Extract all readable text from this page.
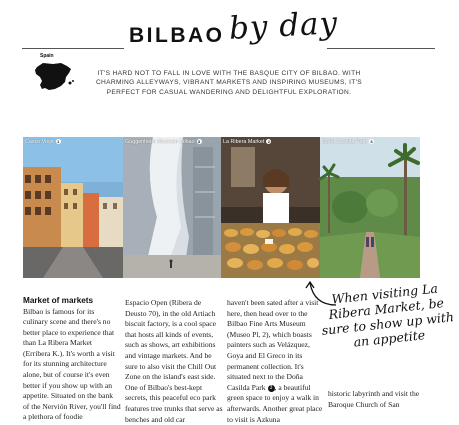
BILBAO by day
Spain

IT'S HARD NOT TO FALL IN LOVE WITH THE BASQUE CITY OF BILBAO. WITH CHARMING ALLEYWAYS, VIBRANT MARKETS AND INSPIRING MUSEUMS, IT'S PERFECT FOR CASUAL WANDERING AND DELIGHTFUL EXPLORATION.

Casco Viejo 1	Guggenheim Museum Bilbao 3	La Ribera Market 2	Doña Casilda Park 3
Market of markets

Bilbao is famous for its culinary scene and there's no better place to experience that than La Ribera Market (Erribera K.). It's worth a visit for its stunning architecture alone, but of course it's even better if you show up with an appetite. Situated on the bank of the Nervión River, you'll find a plethora of foodie

Espacio Open (Ribera de Deusto 70), in the old Artiach biscuit factory, is a cool space that hosts all kinds of events, such as shows, art exhibitions and vintage markets. And be sure to also visit the Chill Out Zone on the island's east side. One of Bilbao's best-kept secrets, this peaceful eco park features tree trunks that serve as benches and old car

haven't been sated after a visit here, then head over to the Bilbao Fine Arts Museum (Museo Pl, 2), which boasts painters such as Velázquez, Goya and El Greco in its permanent collection. It's situated next to the Doña Casilda Park 3 , a beautiful green space to enjoy a walk in afterwards. Another great place to visit is Azkuna

When visiting La Ribera Market, be sure to show up with an appetite

historic labyrinth and visit the Baroque Church of San
